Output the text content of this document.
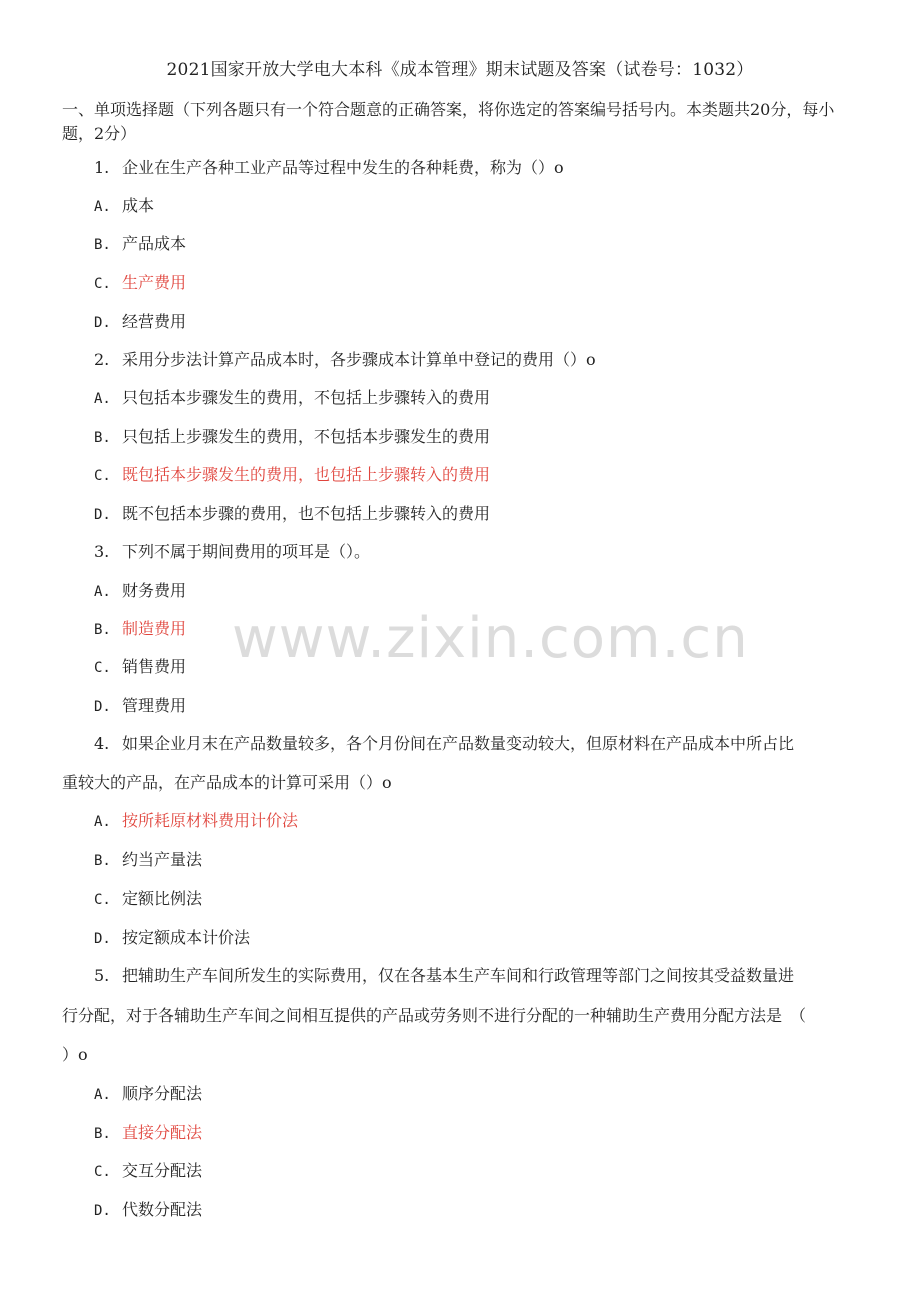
2021国家开放大学电大本科《成本管理》期末试题及答案（试卷号：1032）
一、单项选择题（下列各题只有一个符合题意的正确答案，将你选定的答案编号括号内。本类题共20分，每小题，2分）
1. 企业在生产各种工业产品等过程中发生的各种耗费，称为（）o
A. 成本
B. 产品成本
C. 生产费用
D. 经营费用
2. 采用分步法计算产品成本时，各步骤成本计算单中登记的费用（）o
A. 只包括本步骤发生的费用，不包括上步骤转入的费用
B. 只包括上步骤发生的费用，不包括本步骤发生的费用
C. 既包括本步骤发生的费用，也包括上步骤转入的费用
D. 既不包括本步骤的费用，也不包括上步骤转入的费用
3. 下列不属于期间费用的项耳是（）。
A. 财务费用
B. 制造费用
C. 销售费用
D. 管理费用
4. 如果企业月末在产品数量较多，各个月份间在产品数量变动较大，但原材料在产品成本中所占比
重较大的产品，在产品成本的计算可采用（）o
A. 按所耗原材料费用计价法
B. 约当产量法
C. 定额比例法
D. 按定额成本计价法
5. 把辅助生产车间所发生的实际费用，仅在各基本生产车间和行政管理等部门之间按其受益数量进
行分配，对于各辅助生产车间之间相互提供的产品或劳务则不进行分配的一种辅助生产费用分配方法是　（
）o
A. 顺序分配法
B. 直接分配法
C. 交互分配法
D. 代数分配法
www.zixin.com.cn
